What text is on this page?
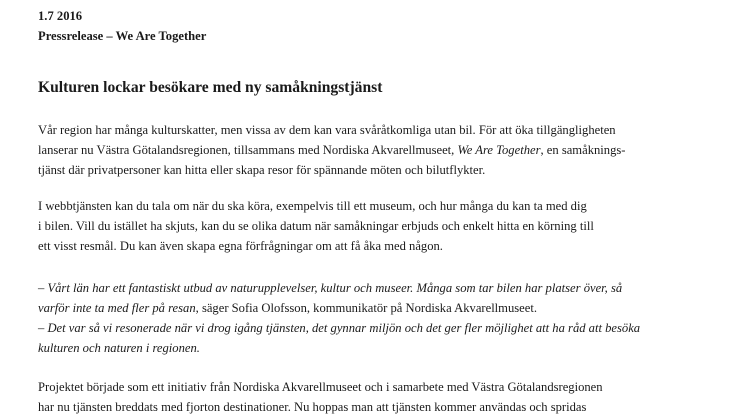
1.7 2016
Pressrelease – We Are Together
Kulturen lockar besökare med ny samåkningstjänst
Vår region har många kulturskatter, men vissa av dem kan vara svåråtkomliga utan bil. För att öka tillgängligheten
lanserar nu Västra Götalandsregionen, tillsammans med Nordiska Akvarellmuseet, We Are Together, en samåknings-
tjänst där privatpersoner kan hitta eller skapa resor för spännande möten och bilutflykter.
I webbtjänsten kan du tala om när du ska köra, exempelvis till ett museum, och hur många du kan ta med dig
i bilen. Vill du istället ha skjuts, kan du se olika datum när samåkningar erbjuds och enkelt hitta en körning till
ett visst resmål. Du kan även skapa egna förfrågningar om att få åka med någon.
– Vårt län har ett fantastiskt utbud av naturupplevelser, kultur och museer. Många som tar bilen har platser över, så
varför inte ta med fler på resan, säger Sofia Olofsson, kommunikatör på Nordiska Akvarellmuseet.
– Det var så vi resonerade när vi drog igång tjänsten, det gynnar miljön och det ger fler möjlighet att ha råd att besöka
kulturen och naturen i regionen.
Projektet började som ett initiativ från Nordiska Akvarellmuseet och i samarbete med Västra Götalandsregionen
har nu tjänsten breddats med fjorton destinationer. Nu hoppas man att tjänsten kommer användas och spridas
